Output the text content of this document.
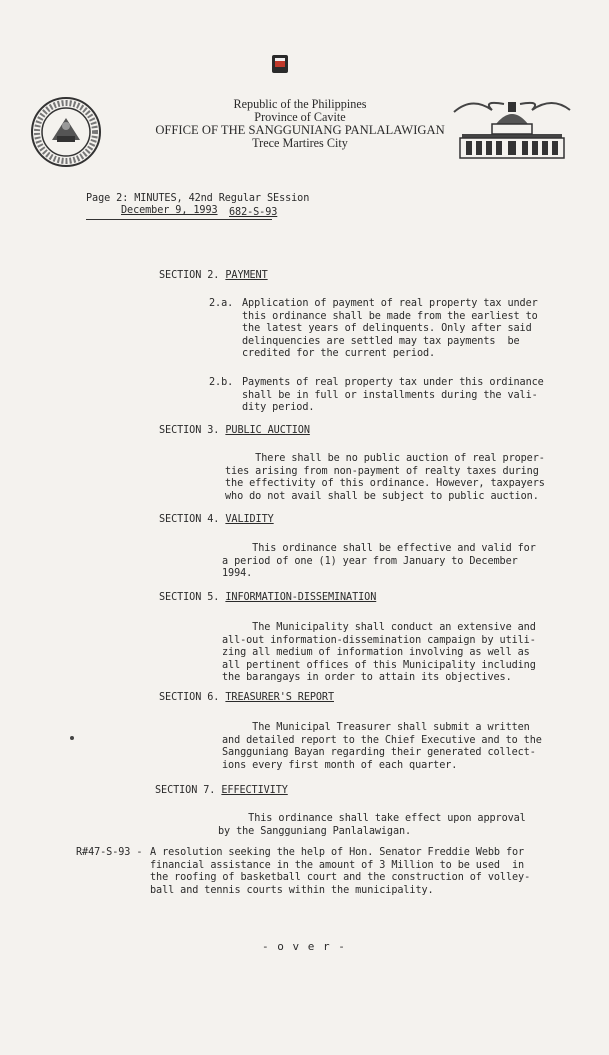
Republic of the Philippines
Province of Cavite
OFFICE OF THE SANGGUNIANG PANLALAWIGAN
Trece Martires City
Page 2: MINUTES, 42nd Regular SEssion
December 9, 1993 682-S-93
SECTION 2. PAYMENT
2.a. Application of payment of real property tax under
this ordinance shall be made from the earliest to
the latest years of delinquents. Only after said
delinquencies are settled may tax payments  be
credited for the current period.
2.b. Payments of real property tax under this ordinance
shall be in full or installments during the vali-
dity period.
SECTION 3. PUBLIC AUCTION
There shall be no public auction of real proper-
ties arising from non-payment of realty taxes during
the effectivity of this ordinance. However, taxpayers
who do not avail shall be subject to public auction.
SECTION 4. VALIDITY
This ordinance shall be effective and valid for
a period of one (1) year from January to December
1994.
SECTION 5. INFORMATION-DISSEMINATION
The Municipality shall conduct an extensive and
all-out information-dissemination campaign by utili-
zing all medium of information involving as well as
all pertinent offices of this Municipality including
the barangays in order to attain its objectives.
SECTION 6. TREASURER'S REPORT
The Municipal Treasurer shall submit a written
and detailed report to the Chief Executive and to the
Sangguniang Bayan regarding their generated collect-
ions every first month of each quarter.
SECTION 7. EFFECTIVITY
This ordinance shall take effect upon approval
by the Sangguniang Panlalawigan.
R#47-S-93 - A resolution seeking the help of Hon. Senator Freddie Webb for
financial assistance in the amount of 3 Million to be used  in
the roofing of basketball court and the construction of volley-
ball and tennis courts within the municipality.
- o v e r -
